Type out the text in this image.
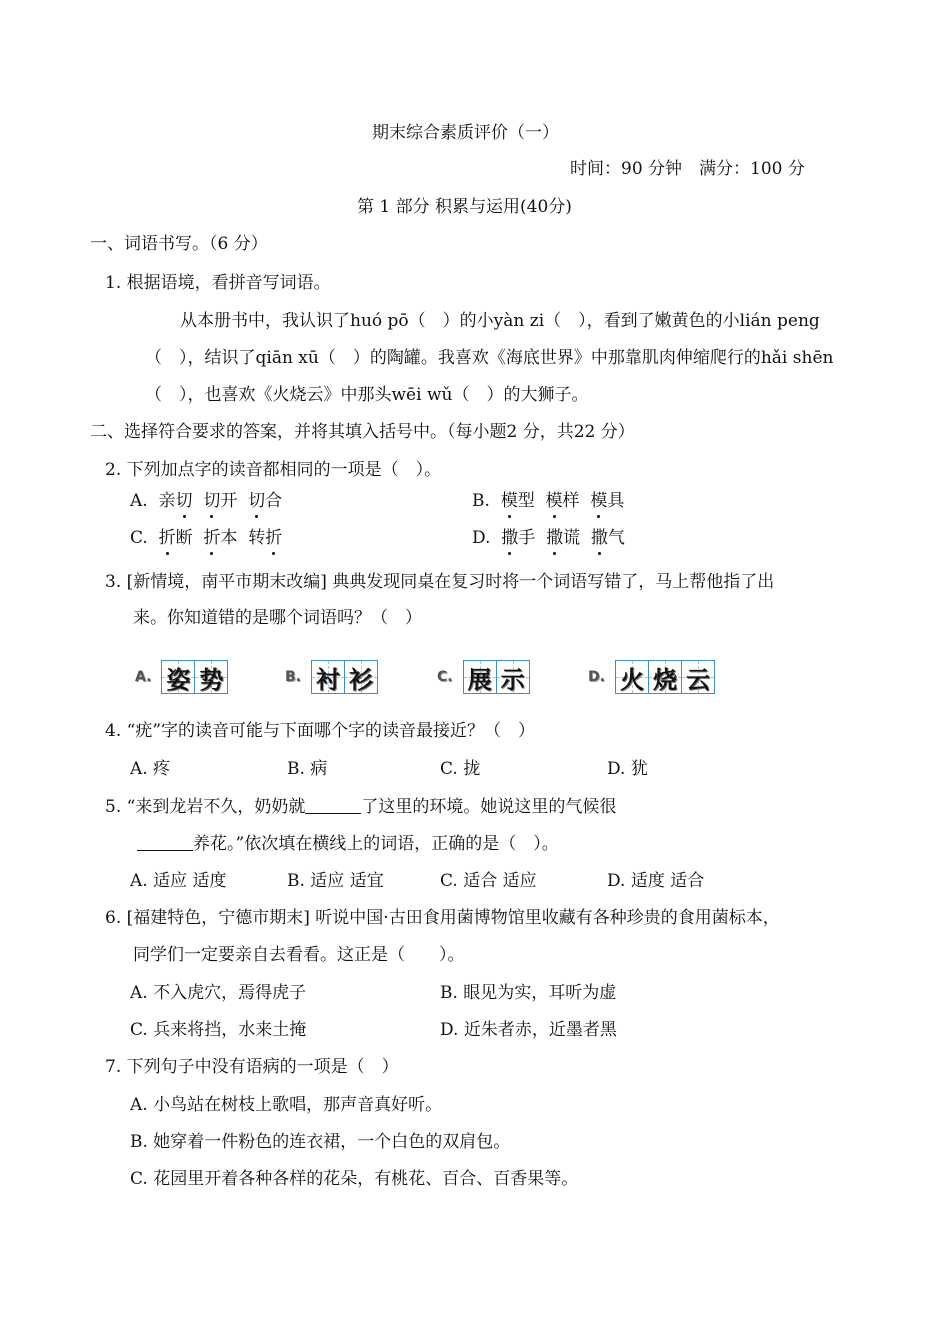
期末综合素质评价（一）
时间：90 分钟　满分：100 分
第 1 部分 积累与运用(40分)
一、词语书写。（6 分）
1. 根据语境，看拼音写词语。
从本册书中，我认识了huó pō（　）的小yàn zi（　），看到了嫩黄色的小lián peng
（　），结识了qiān xū（　）的陶罐。我喜欢《海底世界》中那靠肌肉伸缩爬行的hǎi shēn
（　），也喜欢《火烧云》中那头wēi wǔ（　）的大狮子。
二、选择符合要求的答案，并将其填入括号中。（每小题2 分，共22 分）
2. 下列加点字的读音都相同的一项是（　）。
A. 亲切 切开 切合	B. 模型 模样 模具
C. 折断 折本 转折	D. 撒手 撒谎 撒气
3. [新情境，南平市期末改编] 典典发现同桌在复习时将一个词语写错了，马上帮他指了出
来。你知道错的是哪个词语吗？（　）
A. 姿 势	B. 衬 衫	C. 展 示	D. 火 烧 云
4. “疣”字的读音可能与下面哪个字的读音最接近？（　）
A. 疼	B. 病	C. 拢	D. 犹
5. “来到龙岩不久，奶奶就	了这里的环境。她说这里的气候很
养花。”依次填在横线上的词语，正确的是（　）。
A. 适应 适度	B. 适应 适宜	C. 适合 适应	D. 适度 适合
6. [福建特色，宁德市期末] 听说中国·古田食用菌博物馆里收藏有各种珍贵的食用菌标本，
同学们一定要亲自去看看。这正是（　　）。
A. 不入虎穴，焉得虎子	B. 眼见为实，耳听为虚
C. 兵来将挡，水来土掩	D. 近朱者赤，近墨者黑
7. 下列句子中没有语病的一项是（　）
A. 小鸟站在树枝上歌唱，那声音真好听。
B. 她穿着一件粉色的连衣裙，一个白色的双肩包。
C. 花园里开着各种各样的花朵，有桃花、百合、百香果等。
